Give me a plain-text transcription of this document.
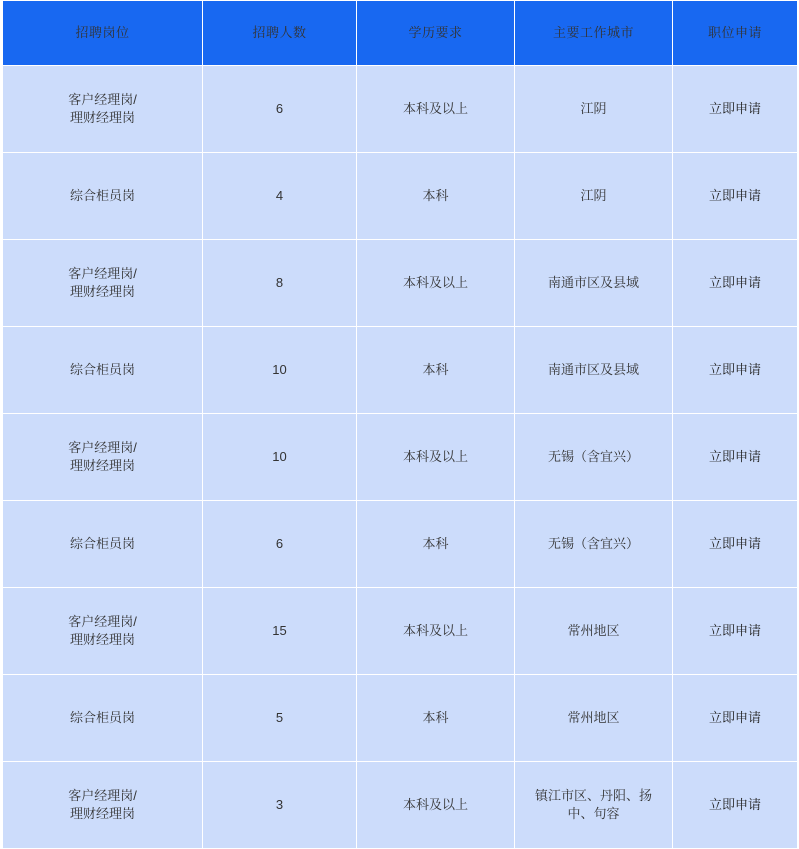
招聘岗位	招聘人数	学历要求	主要工作城市	职位申请

客户经理岗/
理财经理岗	6	本科及以上	江阴	立即申请

综合柜员岗	4	本科	江阴	立即申请

客户经理岗/
理财经理岗	8	本科及以上	南通市区及县域	立即申请

综合柜员岗	10	本科	南通市区及县域	立即申请

客户经理岗/
理财经理岗	10	本科及以上	无锡（含宜兴）	立即申请

综合柜员岗	6	本科	无锡（含宜兴）	立即申请

客户经理岗/
理财经理岗	15	本科及以上	常州地区	立即申请

综合柜员岗	5	本科	常州地区	立即申请

客户经理岗/
理财经理岗	3	本科及以上	镇江市区、丹阳、扬
中、句容	立即申请
